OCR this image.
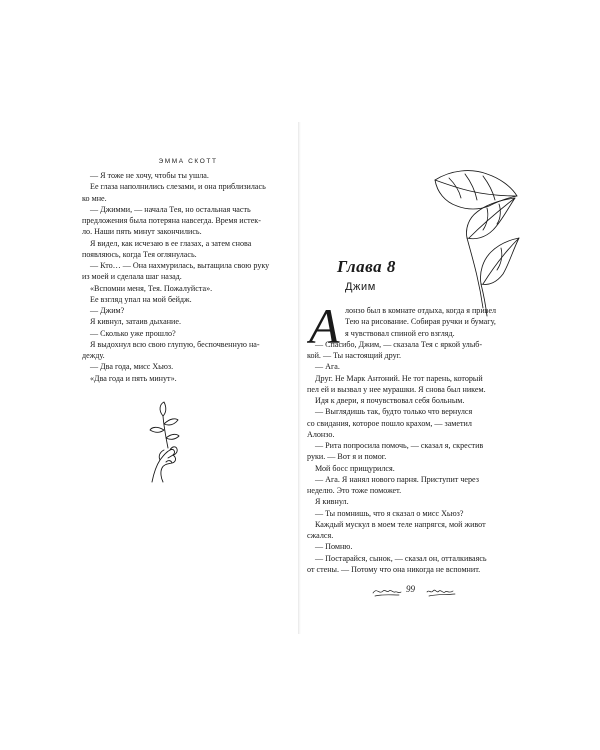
ЭММА СКОТТ
— Я тоже не хочу, чтобы ты ушла.
Ее глаза наполнились слезами, и она приблизилась
ко мне.
— Джимми, — начала Тея, но остальная часть
предложения была потеряна навсегда. Время истек-
ло. Наши пять минут закончились.
Я видел, как исчезаю в ее глазах, а затем снова
появляюсь, когда Тея оглянулась.
— Кто… — Она нахмурилась, вытащила свою руку
из моей и сделала шаг назад.
«Вспомни меня, Тея. Пожалуйста».
Ее взгляд упал на мой бейдж.
— Джим?
Я кивнул, затаив дыхание.
— Сколько уже прошло?
Я выдохнул всю свою глупую, беспочвенную на-
дежду.
— Два года, мисс Хьюз.
«Два года и пять минут».
Глава 8
Джим
А лонзо был в комнате отдыха, когда я привел
Тею на рисование. Собирая ручки и бумагу,
я чувствовал спиной его взгляд.
— Спасибо, Джим, — сказала Тея с яркой улыб-
кой. — Ты настоящий друг.
— Ага.
Друг. Не Марк Антоний. Не тот парень, который
пел ей и вызвал у нее мурашки. Я снова был никем.
Идя к двери, я почувствовал себя больным.
— Выглядишь так, будто только что вернулся
со свидания, которое пошло крахом, — заметил
Алонзо.
— Рита попросила помочь, — сказал я, скрестив
руки. — Вот я и помог.
Мой босс прищурился.
— Ага. Я нанял нового парня. Приступит через
неделю. Это тоже поможет.
Я кивнул.
— Ты помнишь, что я сказал о мисс Хьюз?
Каждый мускул в моем теле напрягся, мой живот
сжался.
— Помню.
— Постарайся, сынок, — сказал он, отталкиваясь
от стены. — Потому что она никогда не вспомнит.
99
